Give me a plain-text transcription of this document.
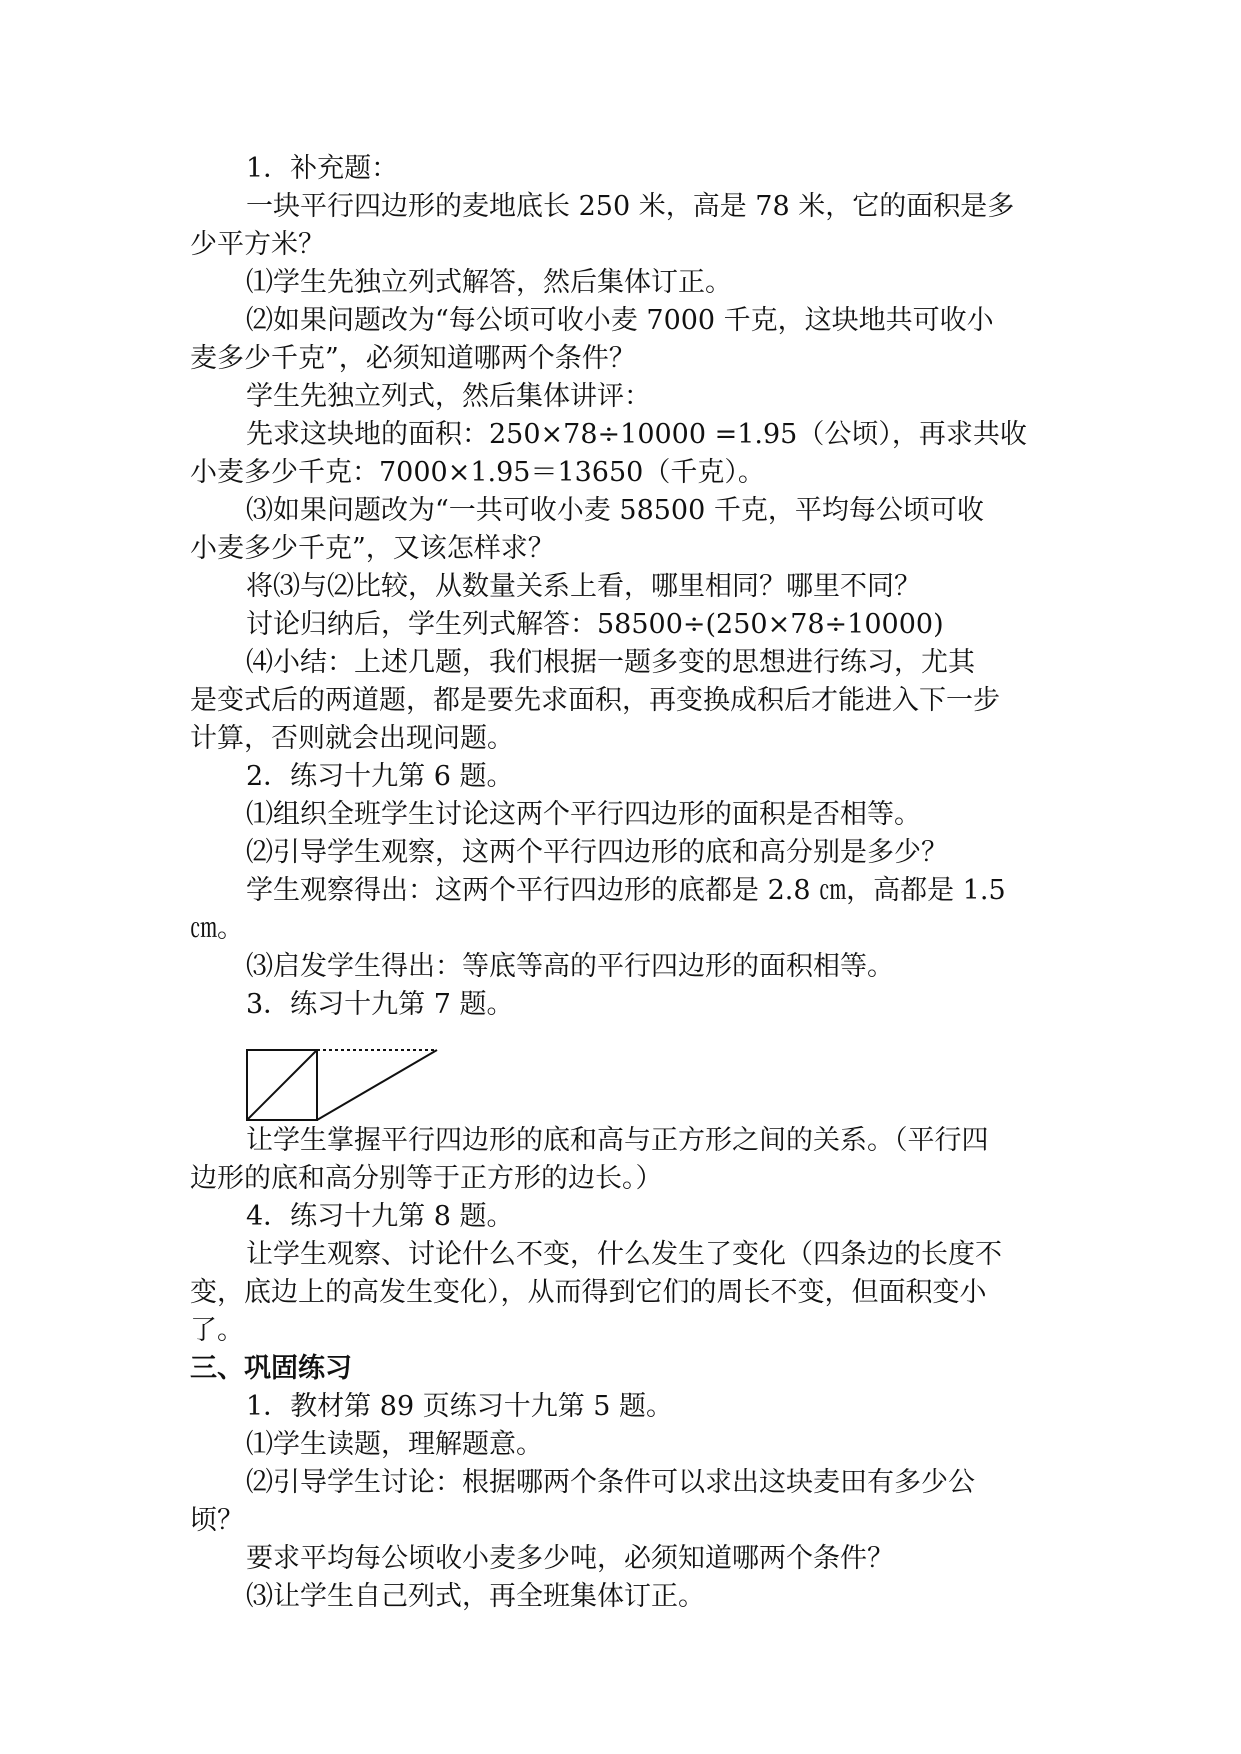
1．补充题：
一块平行四边形的麦地底长 250 米，高是 78 米，它的面积是多
少平方米？
⑴学生先独立列式解答，然后集体订正。
⑵如果问题改为“每公顷可收小麦 7000 千克，这块地共可收小
麦多少千克”，必须知道哪两个条件？
学生先独立列式，然后集体讲评：
先求这块地的面积：250×78÷10000 =1.95（公顷），再求共收
小麦多少千克：7000×1.95＝13650（千克）。
⑶如果问题改为“一共可收小麦 58500 千克，平均每公顷可收
小麦多少千克”，又该怎样求？
将⑶与⑵比较，从数量关系上看，哪里相同？哪里不同？
讨论归纳后，学生列式解答：58500÷(250×78÷10000)
⑷小结：上述几题，我们根据一题多变的思想进行练习，尤其
是变式后的两道题，都是要先求面积，再变换成积后才能进入下一步
计算，否则就会出现问题。
2．练习十九第 6 题。
⑴组织全班学生讨论这两个平行四边形的面积是否相等。
⑵引导学生观察，这两个平行四边形的底和高分别是多少？
学生观察得出：这两个平行四边形的底都是 2.8 ㎝，高都是 1.5
㎝。
⑶启发学生得出：等底等高的平行四边形的面积相等。
3．练习十九第 7 题。
让学生掌握平行四边形的底和高与正方形之间的关系。（平行四
边形的底和高分别等于正方形的边长。）
4．练习十九第 8 题。
让学生观察、讨论什么不变，什么发生了变化（四条边的长度不
变，底边上的高发生变化），从而得到它们的周长不变，但面积变小
了。
三、巩固练习
1．教材第 89 页练习十九第 5 题。
⑴学生读题，理解题意。
⑵引导学生讨论：根据哪两个条件可以求出这块麦田有多少公
顷？
要求平均每公顷收小麦多少吨，必须知道哪两个条件？
⑶让学生自己列式，再全班集体订正。
